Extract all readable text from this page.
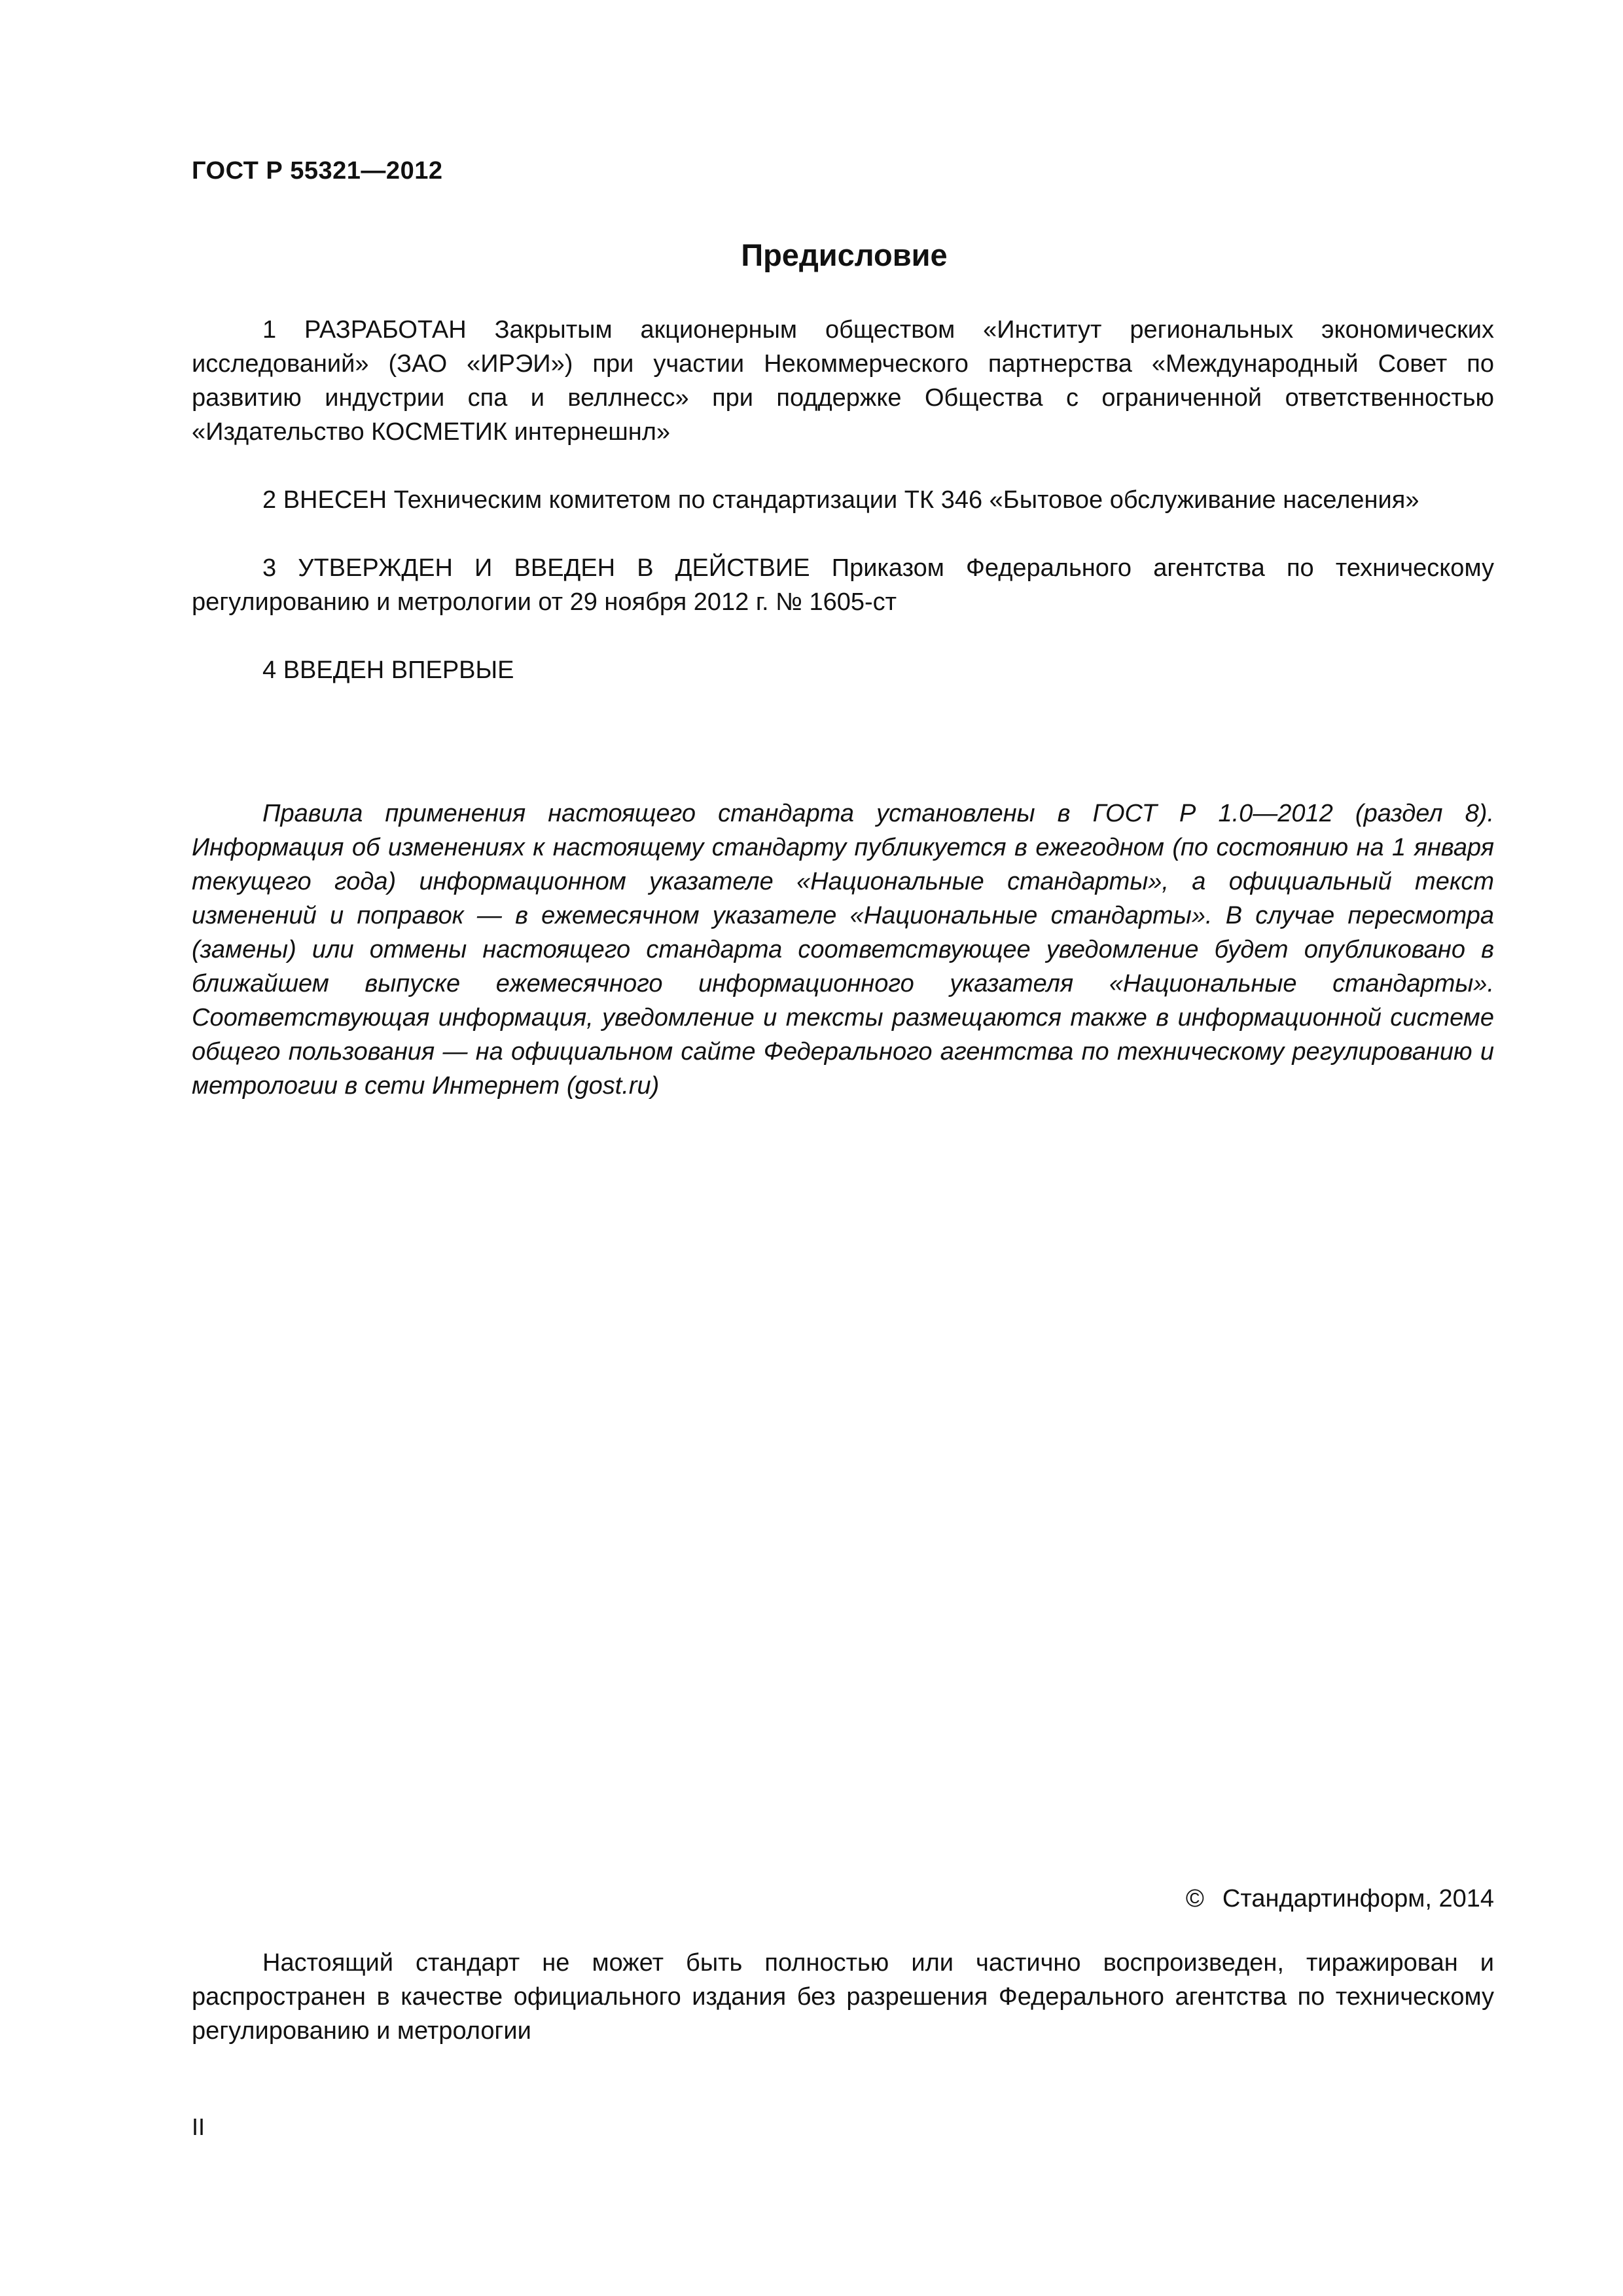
ГОСТ Р 55321—2012
Предисловие

1 РАЗРАБОТАН Закрытым акционерным обществом «Институт региональных экономических исследований» (ЗАО «ИРЭИ») при участии Некоммерческого партнерства «Международный Совет по развитию индустрии спа и веллнесс» при поддержке Общества с ограниченной ответственностью «Издательство КОСМЕТИК интернешнл»

2 ВНЕСЕН Техническим комитетом по стандартизации ТК 346 «Бытовое обслуживание населения»

3 УТВЕРЖДЕН И ВВЕДЕН В ДЕЙСТВИЕ Приказом Федерального агентства по техническому регулированию и метрологии от 29 ноября 2012 г. № 1605-ст

4 ВВЕДЕН ВПЕРВЫЕ

Правила применения настоящего стандарта установлены в ГОСТ Р 1.0—2012 (раздел 8). Информация об изменениях к настоящему стандарту публикуется в ежегодном (по состоянию на 1 января текущего года) информационном указателе «Национальные стандарты», а официальный текст изменений и поправок — в ежемесячном указателе «Национальные стандарты». В случае пересмотра (замены) или отмены настоящего стандарта соответствующее уведомление будет опубликовано в ближайшем выпуске ежемесячного информационного указателя «Национальные стандарты». Соответствующая информация, уведомление и тексты размещаются также в информационной системе общего пользования — на официальном сайте Федерального агентства по техническому регулированию и метрологии в сети Интернет (gost.ru)

© Стандартинформ, 2014

Настоящий стандарт не может быть полностью или частично воспроизведен, тиражирован и распространен в качестве официального издания без разрешения Федерального агентства по техническому регулированию и метрологии

II
